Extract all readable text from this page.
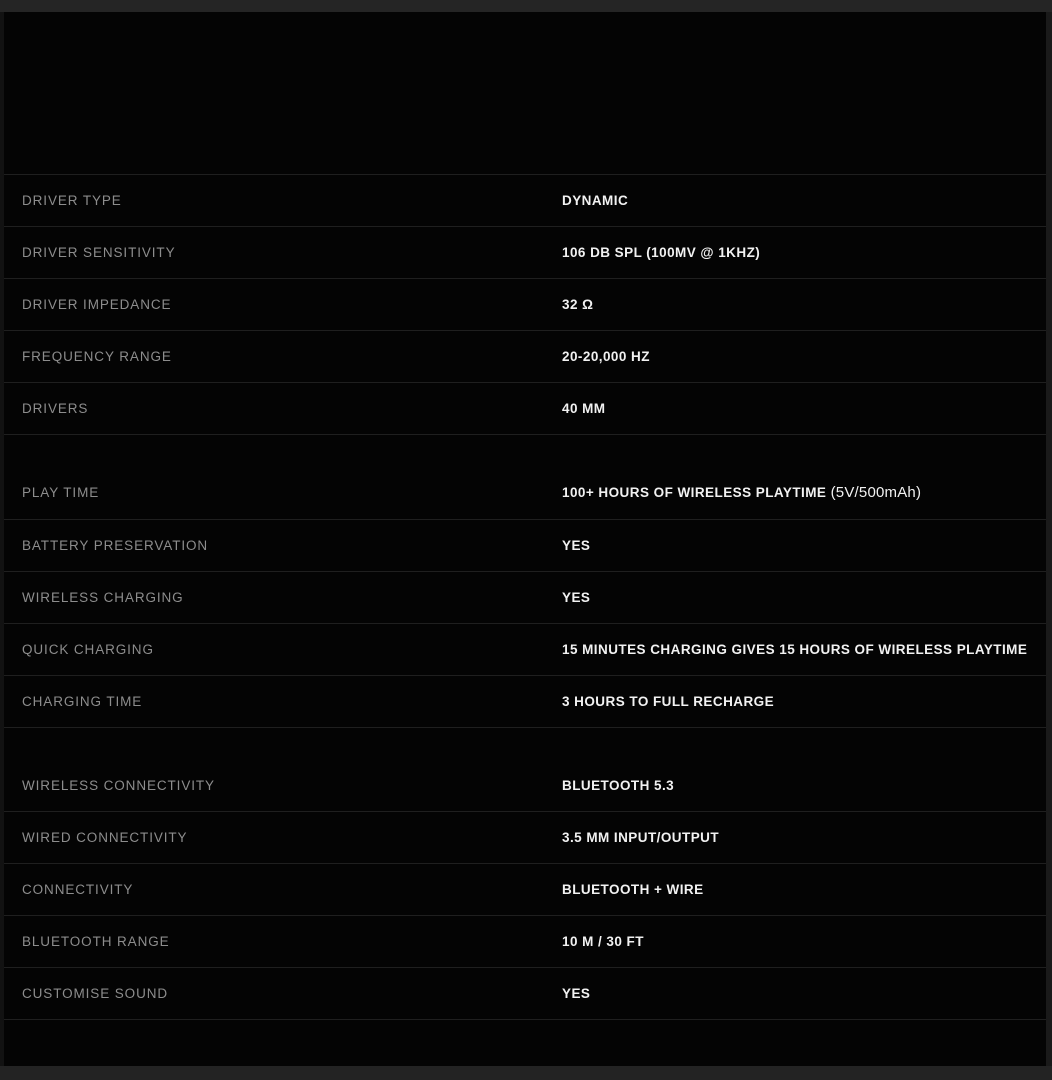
DRIVER TYPE	DYNAMIC
DRIVER SENSITIVITY	106 DB SPL (100MV @ 1KHZ)
DRIVER IMPEDANCE	32 Ω
FREQUENCY RANGE	20-20,000 HZ
DRIVERS	40 MM

PLAY TIME	100+ HOURS OF WIRELESS PLAYTIME (5V/500mAh)
BATTERY PRESERVATION	YES
WIRELESS CHARGING	YES
QUICK CHARGING	15 MINUTES CHARGING GIVES 15 HOURS OF WIRELESS PLAYTIME
CHARGING TIME	3 HOURS TO FULL RECHARGE

WIRELESS CONNECTIVITY	BLUETOOTH 5.3
WIRED CONNECTIVITY	3.5 MM INPUT/OUTPUT
CONNECTIVITY	BLUETOOTH + WIRE
BLUETOOTH RANGE	10 M / 30 FT
CUSTOMISE SOUND	YES
